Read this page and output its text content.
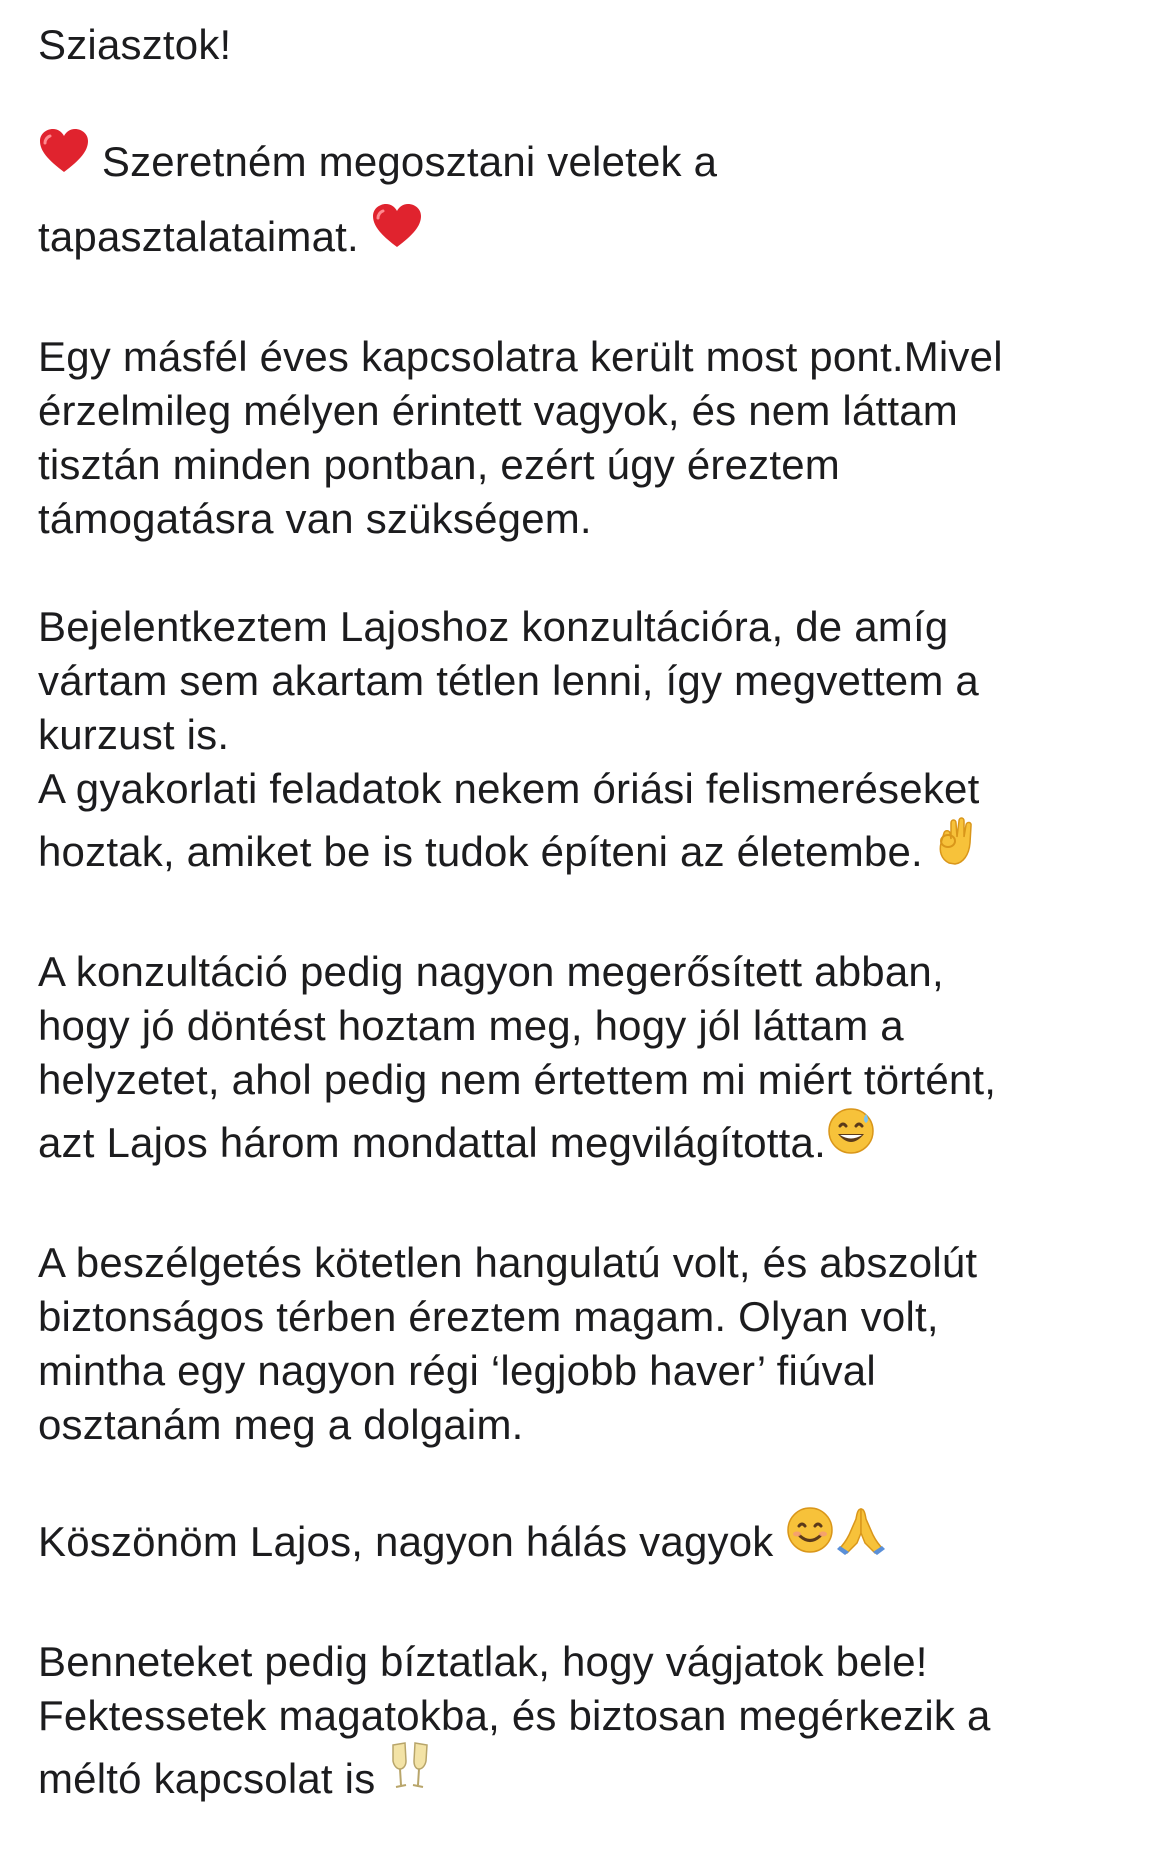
Sziasztok!
Szeretném megosztani veletek a
tapasztalataimat.
Egy másfél éves kapcsolatra került most pont.Mivel
érzelmileg mélyen érintett vagyok, és nem láttam
tisztán minden pontban, ezért úgy éreztem
támogatásra van szükségem.
Bejelentkeztem Lajoshoz konzultációra, de amíg
vártam sem akartam tétlen lenni, így megvettem a
kurzust is.
A gyakorlati feladatok nekem óriási felismeréseket
hoztak, amiket be is tudok építeni az életembe.
A konzultáció pedig nagyon megerősített abban,
hogy jó döntést hoztam meg, hogy jól láttam a
helyzetet, ahol pedig nem értettem mi miért történt,
azt Lajos három mondattal megvilágította.
A beszélgetés kötetlen hangulatú volt, és abszolút
biztonságos térben éreztem magam. Olyan volt,
mintha egy nagyon régi ‘legjobb haver’ fiúval
osztanám meg a dolgaim.
Köszönöm Lajos, nagyon hálás vagyok
Benneteket pedig bíztatlak, hogy vágjatok bele!
Fektessetek magatokba, és biztosan megérkezik a
méltó kapcsolat is
